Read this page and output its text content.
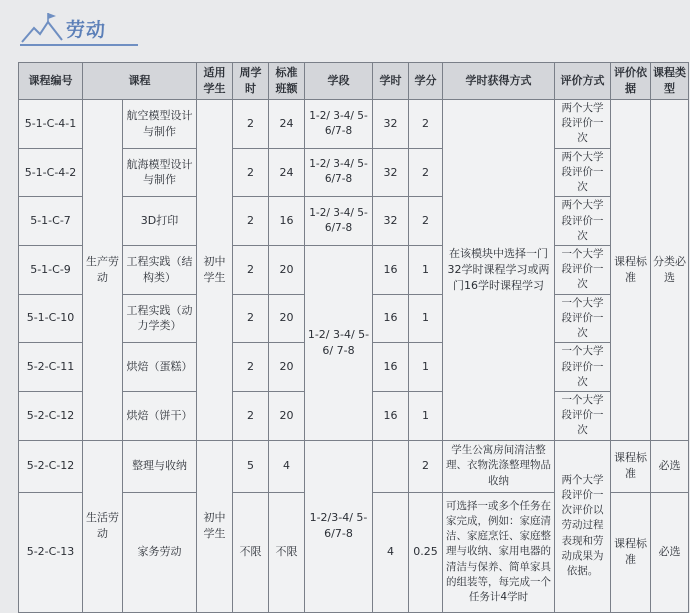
劳动
课程编号	课程		适用学生	周学时	标准班额	学段	学时	学分	学时获得方式	评价方式	评价依据	课程类型
5-1-C-4-1	生产劳动	航空模型设计与制作	初中学生	2	24	1-2/ 3-4/ 5-6/7-8	32	2	在该模块中选择一门32学时课程学习或两门16学时课程学习	两个大学段评价一次	课程标准	分类必选
5-1-C-4-2		航海模型设计与制作		2	24	1-2/ 3-4/ 5-6/7-8	32	2		两个大学段评价一次		
5-1-C-7		3D打印		2	16	1-2/ 3-4/ 5-6/7-8	32	2		两个大学段评价一次		
5-1-C-9		工程实践（结构类）		2	20	1-2/ 3-4/ 5-6/ 7-8	16	1		一个大学段评价一次		
5-1-C-10		工程实践（动力学类）		2	20		16	1		一个大学段评价一次		
5-2-C-11		烘焙（蛋糕）		2	20		16	1		一个大学段评价一次		
5-2-C-12		烘焙（饼干）		2	20		16	1		一个大学段评价一次		
5-2-C-12	生活劳动	整理与收纳	初中学生	5	4	1-2/3-4/ 5-6/7-8		2	学生公寓房间清洁整理、衣物洗涤整理物品收纳	两个大学段评价一次评价以劳动过程表现和劳动成果为依据。	课程标准	必选
5-2-C-13		家务劳动		不限	不限		4	0.25	可选择一或多个任务在家完成，例如：家庭清洁、家庭烹饪、家庭整理与收纳、家用电器的清洁与保养、简单家具的组装等，每完成一个任务计4学时		课程标准	必选
